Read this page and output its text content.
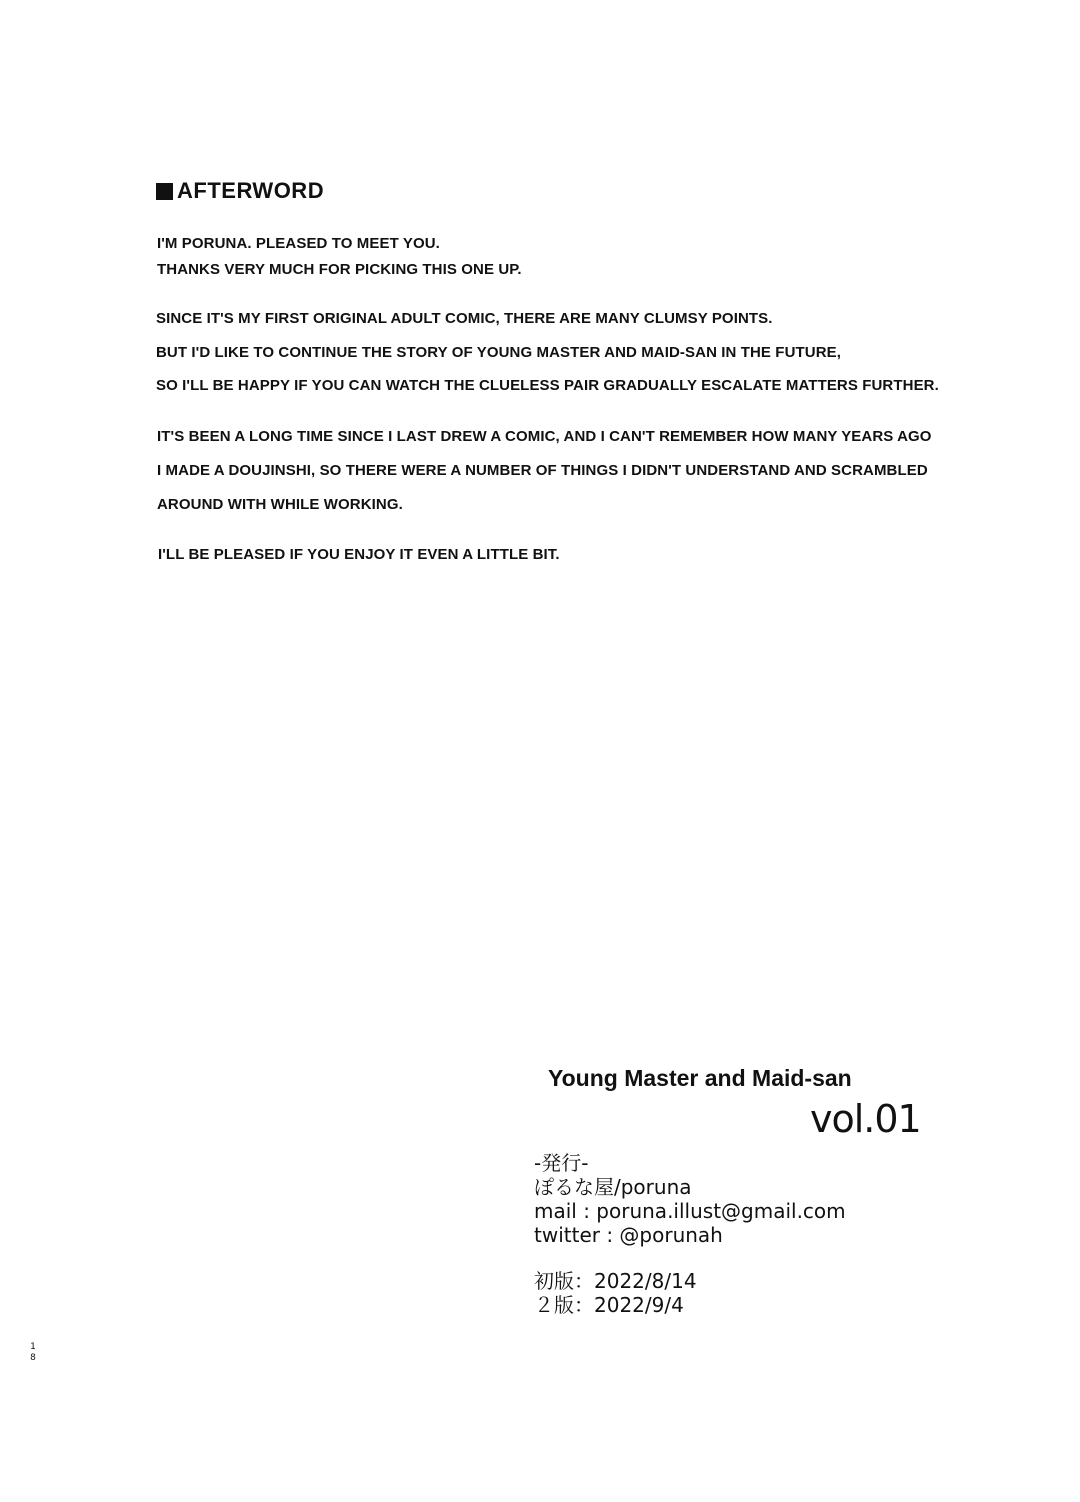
AFTERWORD
I'M PORUNA. PLEASED TO MEET YOU.
THANKS VERY MUCH FOR PICKING THIS ONE UP.
SINCE IT'S MY FIRST ORIGINAL ADULT COMIC, THERE ARE MANY CLUMSY POINTS.
BUT I'D LIKE TO CONTINUE THE STORY OF YOUNG MASTER AND MAID-SAN IN THE FUTURE,
SO I'LL BE HAPPY IF YOU CAN WATCH THE CLUELESS PAIR GRADUALLY ESCALATE MATTERS FURTHER.
IT'S BEEN A LONG TIME SINCE I LAST DREW A COMIC, AND I CAN'T REMEMBER HOW MANY YEARS AGO
I MADE A DOUJINSHI, SO THERE WERE A NUMBER OF THINGS I DIDN'T UNDERSTAND AND SCRAMBLED
AROUND WITH WHILE WORKING.
I'LL BE PLEASED IF YOU ENJOY IT EVEN A LITTLE BIT.
Young Master and Maid-san
vol.01
-発行-
ぽるな屋/poruna
mail : poruna.illust@gmail.com
twitter : @porunah
初版：2022/8/14
２版：2022/9/4
1
8
